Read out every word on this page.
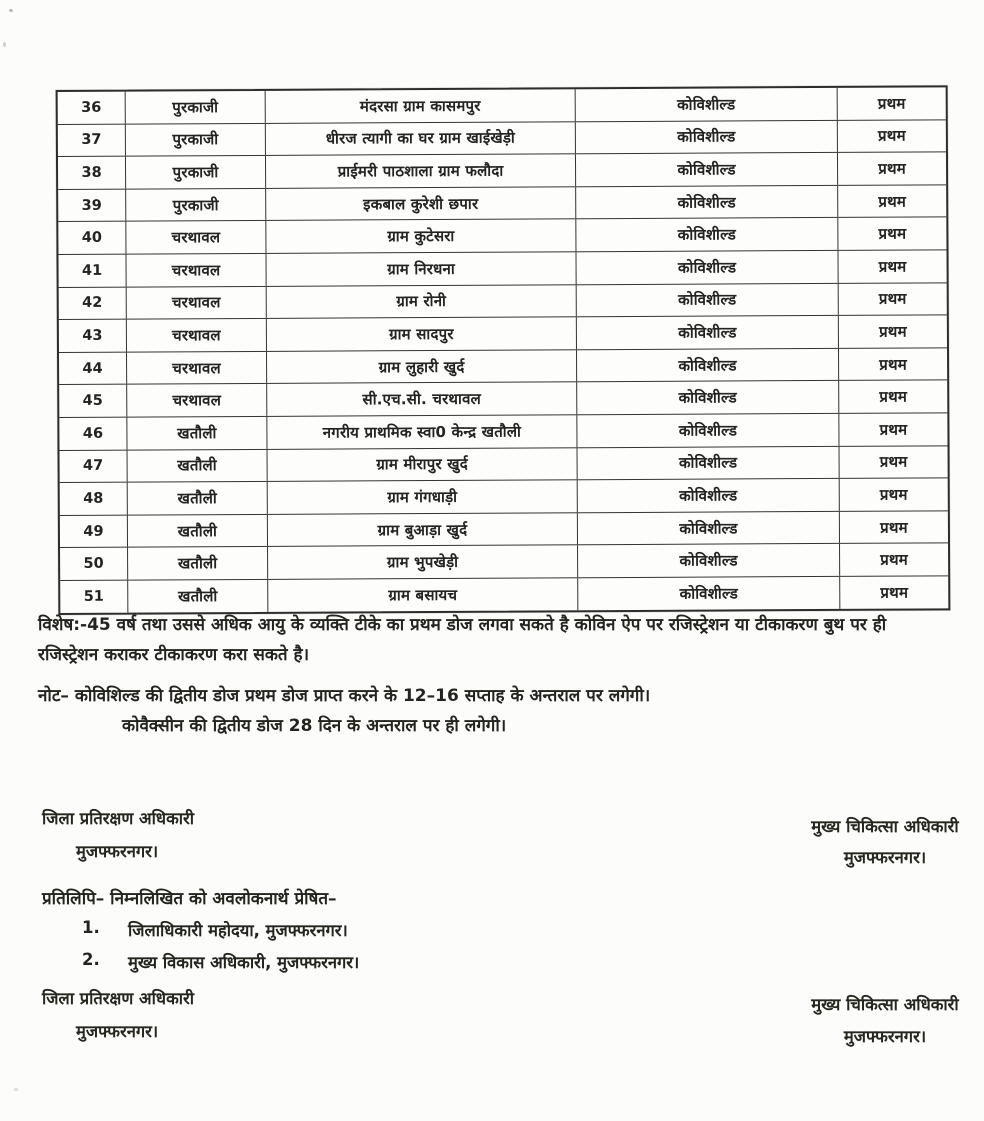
36	पुरकाजी	मंदरसा ग्राम कासमपुर	कोविशील्ड	प्रथम
37	पुरकाजी	धीरज त्यागी का घर ग्राम खाईखेड़ी	कोविशील्ड	प्रथम
38	पुरकाजी	प्राईमरी पाठशाला ग्राम फलौदा	कोविशील्ड	प्रथम
39	पुरकाजी	इकबाल कुरेशी छपार	कोविशील्ड	प्रथम
40	चरथावल	ग्राम कुटेसरा	कोविशील्ड	प्रथम
41	चरथावल	ग्राम निरधना	कोविशील्ड	प्रथम
42	चरथावल	ग्राम रोनी	कोविशील्ड	प्रथम
43	चरथावल	ग्राम सादपुर	कोविशील्ड	प्रथम
44	चरथावल	ग्राम लुहारी खुर्द	कोविशील्ड	प्रथम
45	चरथावल	सी.एच.सी. चरथावल	कोविशील्ड	प्रथम
46	खतौली	नगरीय प्राथमिक स्वा0 केन्द्र खतौली	कोविशील्ड	प्रथम
47	खतौली	ग्राम मीरापुर खुर्द	कोविशील्ड	प्रथम
48	खतौली	ग्राम गंगधाड़ी	कोविशील्ड	प्रथम
49	खतौली	ग्राम बुआड़ा खुर्द	कोविशील्ड	प्रथम
50	खतौली	ग्राम भुपखेड़ी	कोविशील्ड	प्रथम
51	खतौली	ग्राम बसायच	कोविशील्ड	प्रथम
विशेष:-45 वर्ष तथा उससे अधिक आयु के व्यक्ति टीके का प्रथम डोज लगवा सकते है कोविन ऐप पर रजिस्ट्रेशन या टीकाकरण बुथ पर ही
रजिस्ट्रेशन कराकर टीकाकरण करा सकते है।
नोट– कोविशिल्ड की द्वितीय डोज प्रथम डोज प्राप्त करने के 12–16 सप्ताह के अन्तराल पर लगेगी।
कोवैक्सीन की द्वितीय डोज 28 दिन के अन्तराल पर ही लगेगी।
जिला प्रतिरक्षण अधिकारी
मुजफ्फरनगर।
मुख्य चिकित्सा अधिकारी
मुजफ्फरनगर।
प्रतिलिपि– निम्नलिखित को अवलोकनार्थ प्रेषित–
1.	जिलाधिकारी महोदया, मुजफ्फरनगर।
2.	मुख्य विकास अधिकारी, मुजफ्फरनगर।
जिला प्रतिरक्षण अधिकारी
मुजफ्फरनगर।
मुख्य चिकित्सा अधिकारी
मुजफ्फरनगर।
